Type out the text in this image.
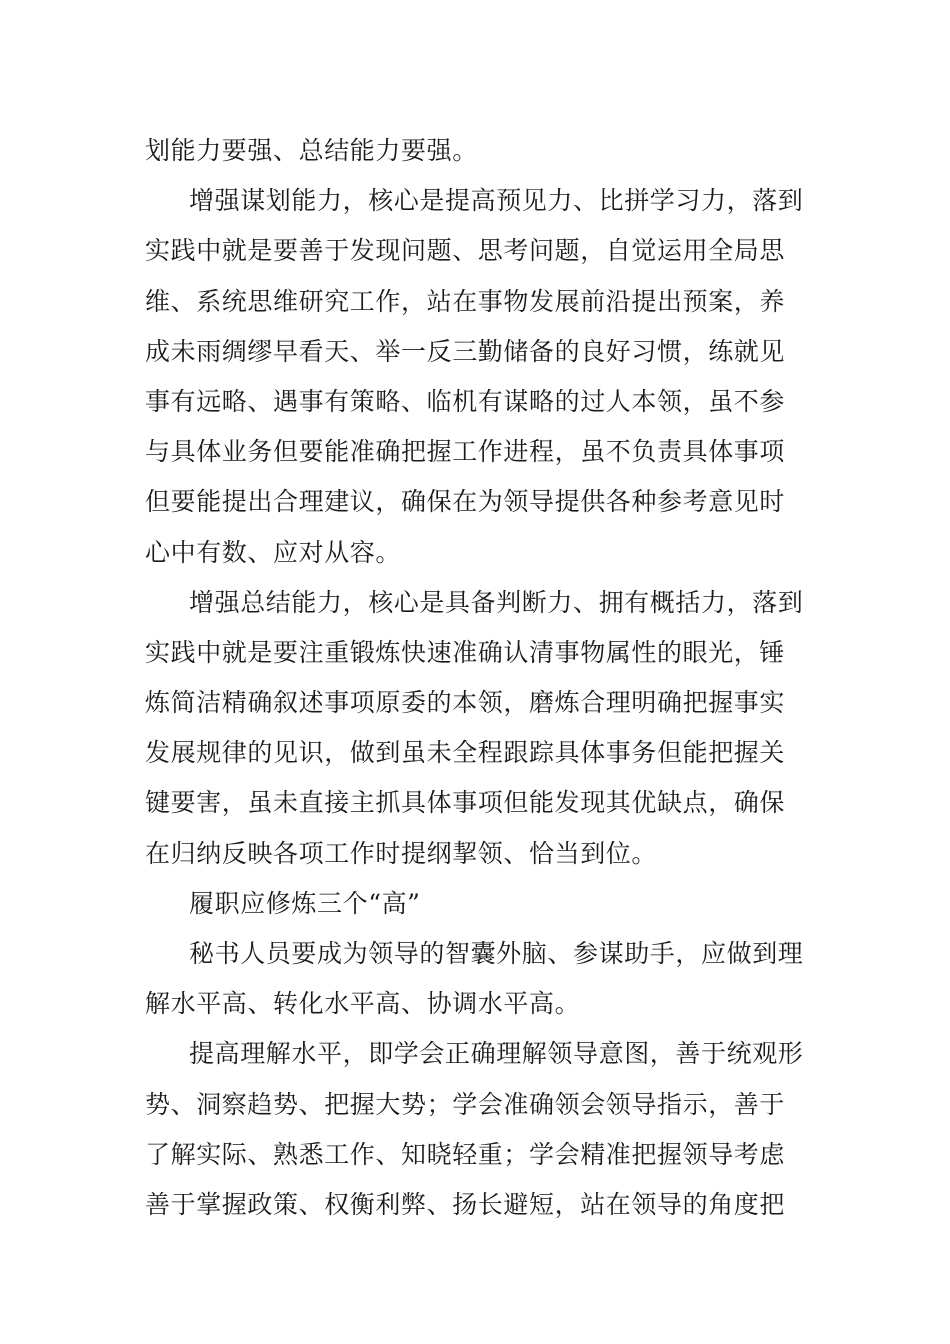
划能力要强、总结能力要强。
增强谋划能力，核心是提高预见力、比拼学习力，落到
实践中就是要善于发现问题、思考问题，自觉运用全局思
维、系统思维研究工作，站在事物发展前沿提出预案，养
成未雨绸缪早看天、举一反三勤储备的良好习惯，练就见
事有远略、遇事有策略、临机有谋略的过人本领，虽不参
与具体业务但要能准确把握工作进程，虽不负责具体事项
但要能提出合理建议，确保在为领导提供各种参考意见时
心中有数、应对从容。
增强总结能力，核心是具备判断力、拥有概括力，落到
实践中就是要注重锻炼快速准确认清事物属性的眼光，锤
炼简洁精确叙述事项原委的本领，磨炼合理明确把握事实
发展规律的见识，做到虽未全程跟踪具体事务但能把握关
键要害，虽未直接主抓具体事项但能发现其优缺点，确保
在归纳反映各项工作时提纲挈领、恰当到位。
履职应修炼三个“高”
秘书人员要成为领导的智囊外脑、参谋助手，应做到理
解水平高、转化水平高、协调水平高。
提高理解水平，即学会正确理解领导意图，善于统观形
势、洞察趋势、把握大势；学会准确领会领导指示，善于
了解实际、熟悉工作、知晓轻重；学会精准把握领导考虑
善于掌握政策、权衡利弊、扬长避短，站在领导的角度把
